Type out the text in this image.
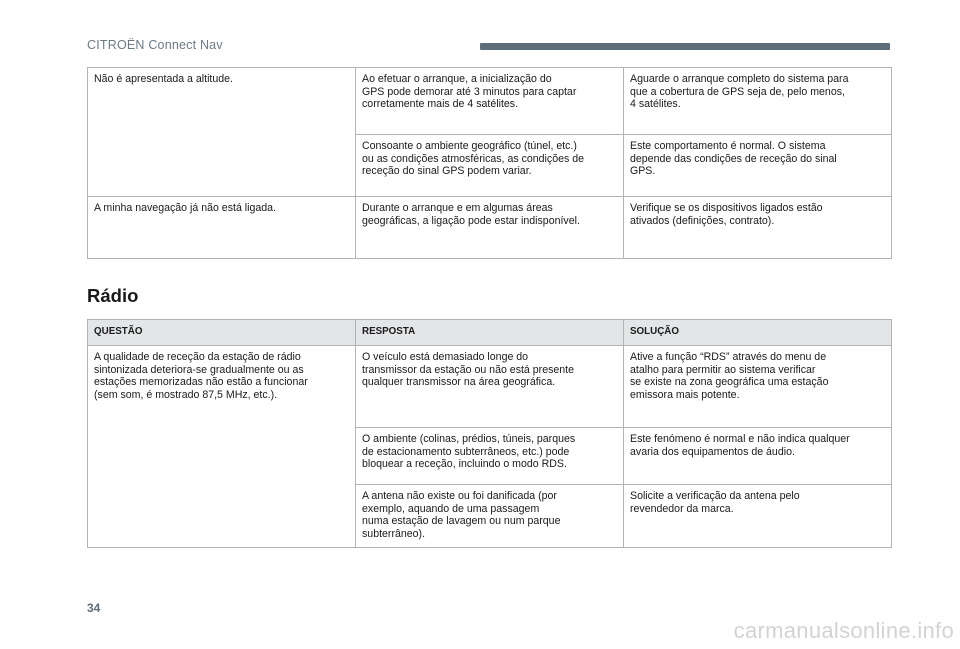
CITROËN Connect Nav
Não é apresentada a altitude.	Ao efetuar o arranque, a inicialização do
GPS pode demorar até 3 minutos para captar
corretamente mais de 4 satélites.	Aguarde o arranque completo do sistema para
que a cobertura de GPS seja de, pelo menos,
4 satélites.
	Consoante o ambiente geográfico (túnel, etc.)
ou as condições atmosféricas, as condições de
receção do sinal GPS podem variar.	Este comportamento é normal. O sistema
depende das condições de receção do sinal
GPS.
A minha navegação já não está ligada.	Durante o arranque e em algumas áreas
geográficas, a ligação pode estar indisponível.	Verifique se os dispositivos ligados estão
ativados (definições, contrato).
Rádio
QUESTÃO	RESPOSTA	SOLUÇÃO
A qualidade de receção da estação de rádio
sintonizada deteriora-se gradualmente ou as
estações memorizadas não estão a funcionar
(sem som, é mostrado 87,5 MHz, etc.).	O veículo está demasiado longe do
transmissor da estação ou não está presente
qualquer transmissor na área geográfica.	Ative a função “RDS” através do menu de
atalho para permitir ao sistema verificar
se existe na zona geográfica uma estação
emissora mais potente.
	O ambiente (colinas, prédios, túneis, parques
de estacionamento subterrâneos, etc.) pode
bloquear a receção, incluindo o modo RDS.	Este fenómeno é normal e não indica qualquer
avaria dos equipamentos de áudio.
	A antena não existe ou foi danificada (por
exemplo, aquando de uma passagem
numa estação de lavagem ou num parque
subterrâneo).	Solicite a verificação da antena pelo
revendedor da marca.
34
carmanualsonline.info
